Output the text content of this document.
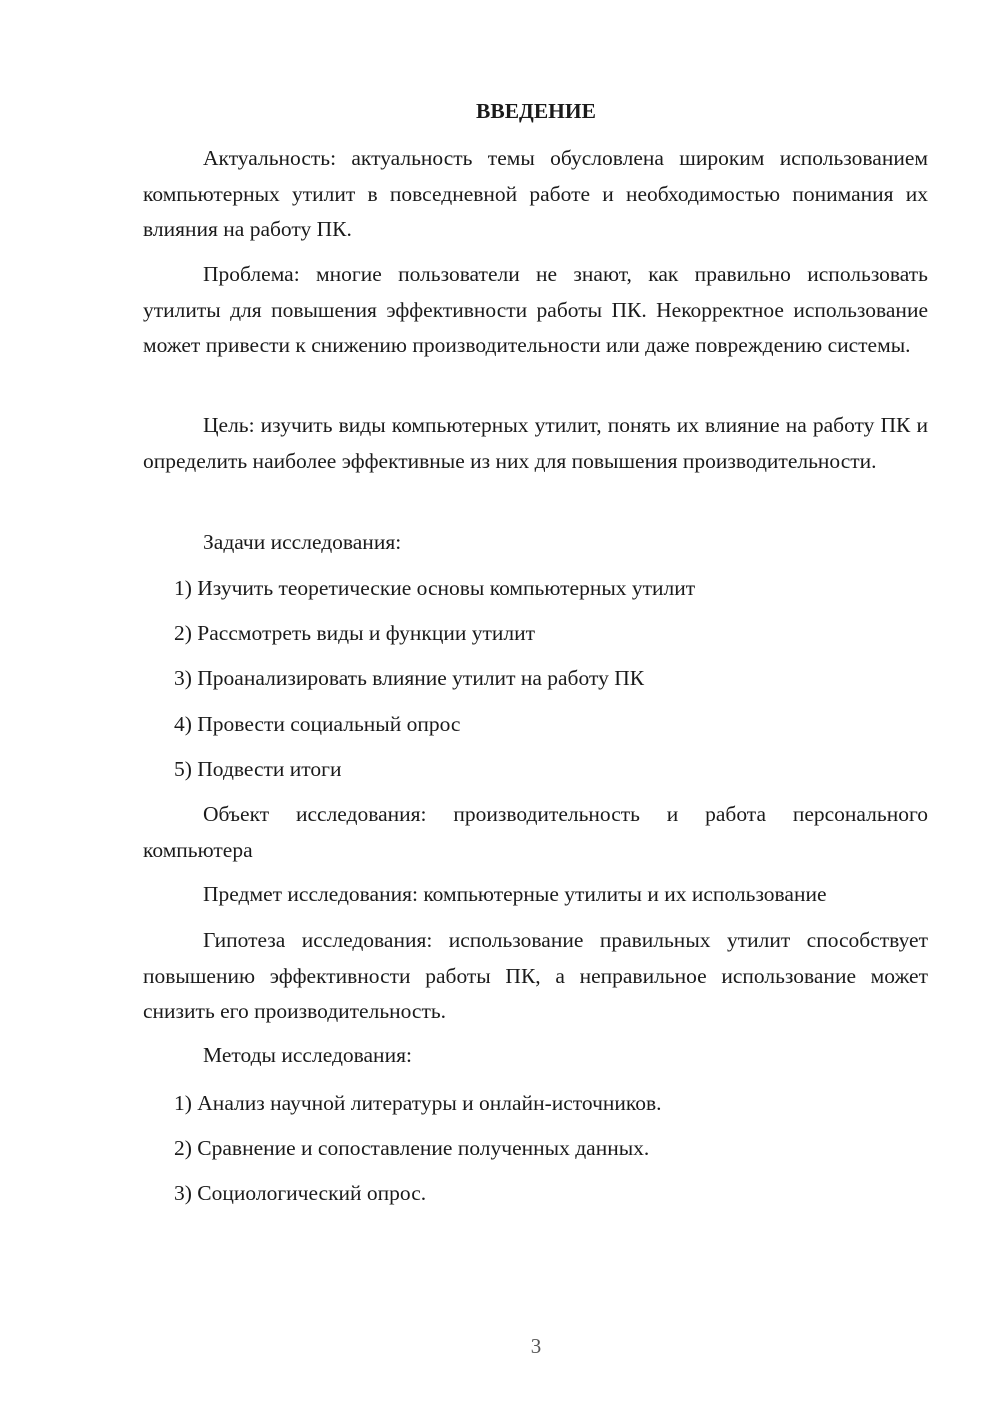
ВВЕДЕНИЕ

Актуальность: актуальность темы обусловлена широким использованием компьютерных утилит в повседневной работе и необходимостью понимания их влияния на работу ПК.

Проблема: многие пользователи не знают, как правильно использовать утилиты для повышения эффективности работы ПК. Некорректное использование может привести к снижению производительности или даже повреждению системы.

Цель: изучить виды компьютерных утилит, понять их влияние на работу ПК и определить наиболее эффективные из них для повышения производительности.

Задачи исследования:

1) Изучить теоретические основы компьютерных утилит

2) Рассмотреть виды и функции утилит

3) Проанализировать влияние утилит на работу ПК

4) Провести социальный опрос

5) Подвести итоги

Объект исследования: производительность и работа персонального компьютера

Предмет исследования: компьютерные утилиты и их использование

Гипотеза исследования: использование правильных утилит способствует повышению эффективности работы ПК, а неправильное использование может снизить его производительность.

Методы исследования:

1) Анализ научной литературы и онлайн-источников.

2) Сравнение и сопоставление полученных данных.

3) Социологический опрос.

3
